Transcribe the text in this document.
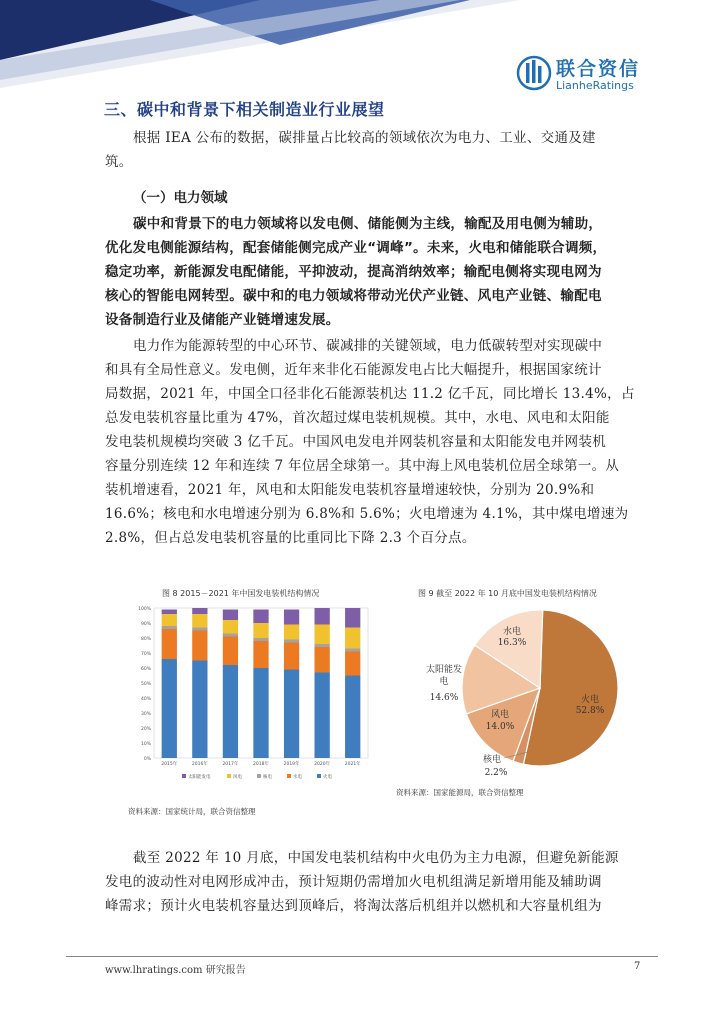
联合资信
LianheRatings
三、碳中和背景下相关制造业行业展望
根据 IEA 公布的数据，碳排量占比较高的领域依次为电力、工业、交通及建
筑。
（一）电力领域
碳中和背景下的电力领域将以发电侧、储能侧为主线，输配及用电侧为辅助，
优化发电侧能源结构，配套储能侧完成产业“调峰”。未来，火电和储能联合调频，
稳定功率，新能源发电配储能，平抑波动，提高消纳效率；输配电侧将实现电网为
核心的智能电网转型。碳中和的电力领域将带动光伏产业链、风电产业链、输配电
设备制造行业及储能产业链增速发展。
电力作为能源转型的中心环节、碳减排的关键领域，电力低碳转型对实现碳中
和具有全局性意义。发电侧，近年来非化石能源发电占比大幅提升，根据国家统计
局数据，2021 年，中国全口径非化石能源装机达 11.2 亿千瓦，同比增长 13.4%，占
总发电装机容量比重为 47%，首次超过煤电装机规模。其中，水电、风电和太阳能
发电装机规模均突破 3 亿千瓦。中国风电发电并网装机容量和太阳能发电并网装机
容量分别连续 12 年和连续 7 年位居全球第一。其中海上风电装机位居全球第一。从
装机增速看，2021 年，风电和太阳能发电装机容量增速较快，分别为 20.9%和
16.6%；核电和水电增速分别为 6.8%和 5.6%；火电增速为 4.1%，其中煤电增速为
2.8%，但占总发电装机容量的比重同比下降 2.3 个百分点。
图 8 2015－2021 年中国发电装机结构情况
0%
10%
20%
30%
40%
50%
60%
70%
80%
90%
100%
2015年	2016年	2017年	2018年	2019年	2020年	2021年
太阳能发电	风电	核电	水电	火电
图 9 截至 2022 年 10 月底中国发电装机结构情况
火电
52.8%
水电
16.3%
太阳能发
电
14.6%
风电
14.0%
核电
2.2%
资料来源：国家统计局，联合资信整理
资料来源：国家能源局，联合资信整理
截至 2022 年 10 月底，中国发电装机结构中火电仍为主力电源，但避免新能源
发电的波动性对电网形成冲击，预计短期仍需增加火电机组满足新增用能及辅助调
峰需求；预计火电装机容量达到顶峰后，将淘汰落后机组并以燃机和大容量机组为
www.lhratings.com 研究报告	7
